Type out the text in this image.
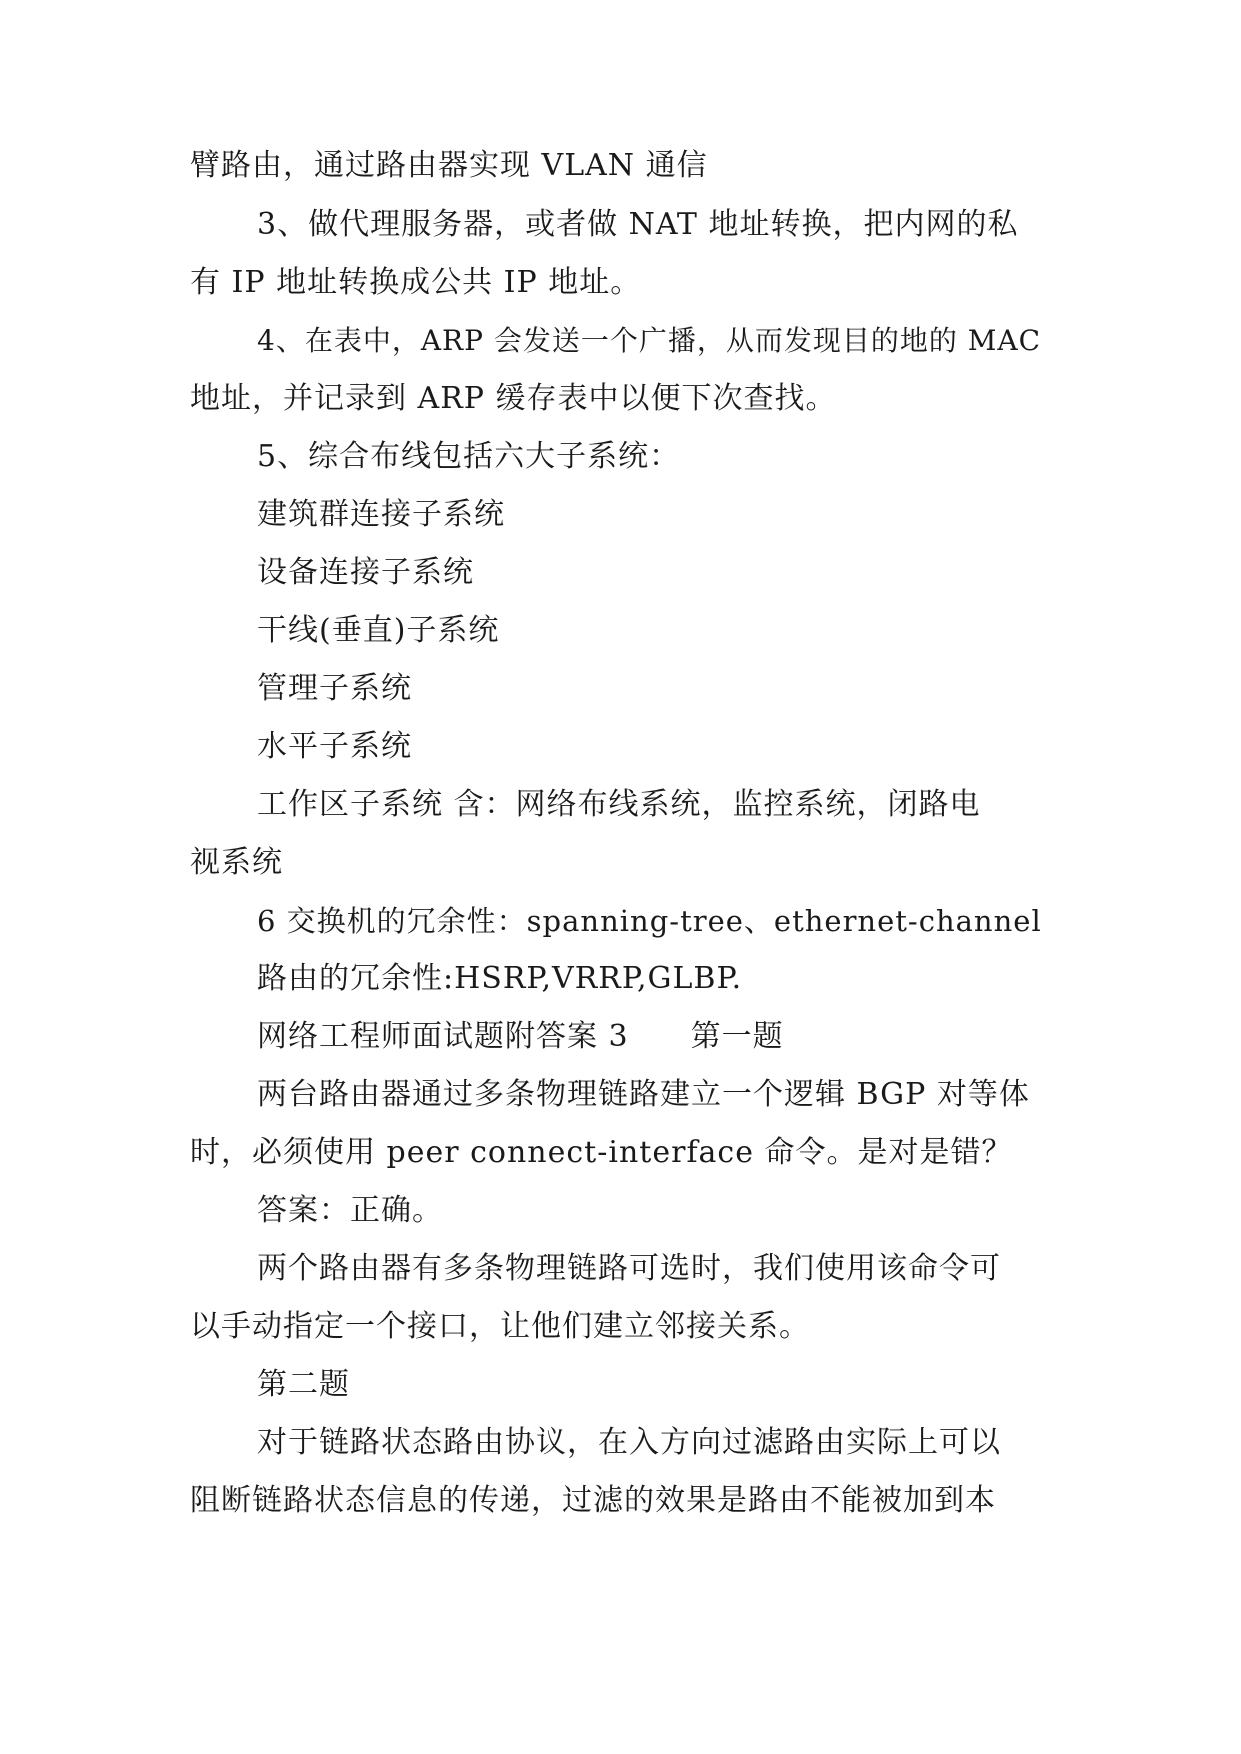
臂路由，通过路由器实现 VLAN 通信
3、做代理服务器，或者做 NAT 地址转换，把内网的私
有 IP 地址转换成公共 IP 地址。
4、在表中，ARP 会发送一个广播，从而发现目的地的 MAC
地址，并记录到 ARP 缓存表中以便下次查找。
5、综合布线包括六大子系统：
建筑群连接子系统
设备连接子系统
干线(垂直)子系统
管理子系统
水平子系统
工作区子系统 含：网络布线系统，监控系统，闭路电
视系统
6 交换机的冗余性：spanning-tree、ethernet-channel
路由的冗余性:HSRP,VRRP,GLBP.
网络工程师面试题附答案 3　　第一题
两台路由器通过多条物理链路建立一个逻辑 BGP 对等体
时，必须使用 peer connect-interface 命令。是对是错？
答案：正确。
两个路由器有多条物理链路可选时，我们使用该命令可
以手动指定一个接口，让他们建立邻接关系。
第二题
对于链路状态路由协议，在入方向过滤路由实际上可以
阻断链路状态信息的传递，过滤的效果是路由不能被加到本
